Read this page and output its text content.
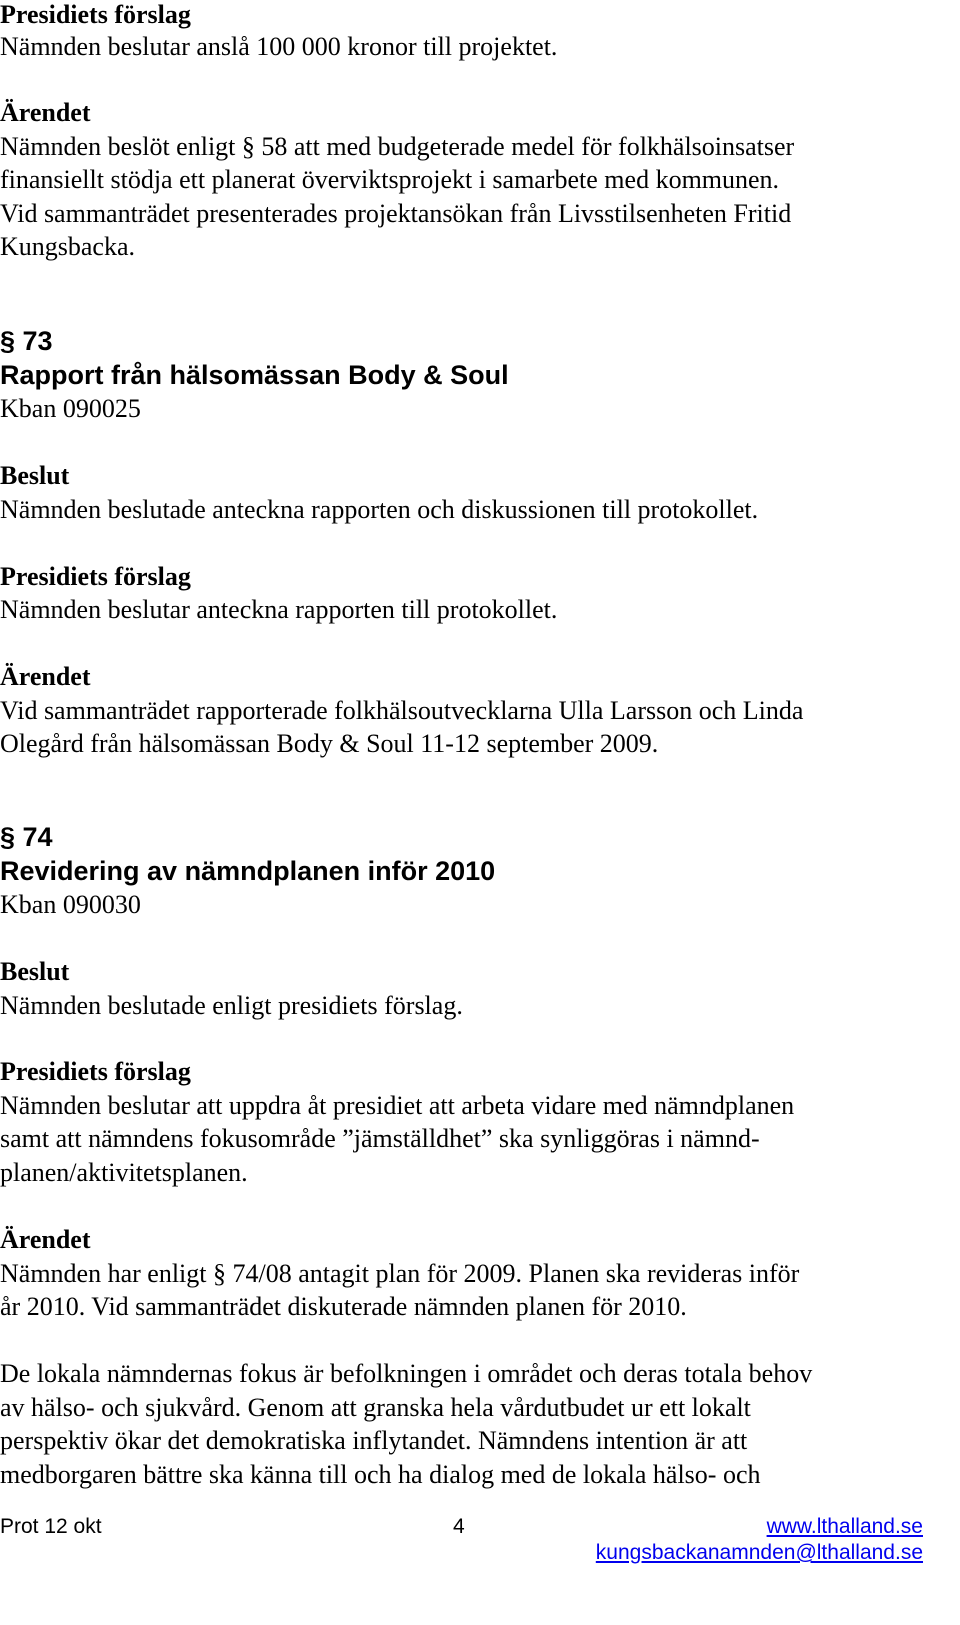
Presidiets förslag
Nämnden beslutar anslå 100 000 kronor till projektet.
Ärendet
Nämnden beslöt enligt § 58 att med budgeterade medel för folkhälsoinsatser
finansiellt stödja ett planerat överviktsprojekt i samarbete med kommunen.
Vid sammanträdet presenterades projektansökan från Livsstilsenheten Fritid
Kungsbacka.
§ 73
Rapport från hälsomässan Body & Soul
Kban 090025
Beslut
Nämnden beslutade anteckna rapporten och diskussionen till protokollet.
Presidiets förslag
Nämnden beslutar anteckna rapporten till protokollet.
Ärendet
Vid sammanträdet rapporterade folkhälsoutvecklarna Ulla Larsson och Linda
Olegård från hälsomässan Body & Soul 11-12 september 2009.
§ 74
Revidering av nämndplanen inför 2010
Kban 090030
Beslut
Nämnden beslutade enligt presidiets förslag.
Presidiets förslag
Nämnden beslutar att uppdra åt presidiet att arbeta vidare med nämndplanen
samt att nämndens fokusområde ”jämställdhet” ska synliggöras i nämnd-
planen/aktivitetsplanen.
Ärendet
Nämnden har enligt § 74/08 antagit plan för 2009. Planen ska revideras inför
år 2010. Vid sammanträdet diskuterade nämnden planen för 2010.
De lokala nämndernas fokus är befolkningen i området och deras totala behov
av hälso- och sjukvård. Genom att granska hela vårdutbudet ur ett lokalt
perspektiv ökar det demokratiska inflytandet. Nämndens intention är att
medborgaren bättre ska känna till och ha dialog med de lokala hälso- och
Prot 12 okt	4	www.lthalland.se
kungsbackanamnden@lthalland.se
